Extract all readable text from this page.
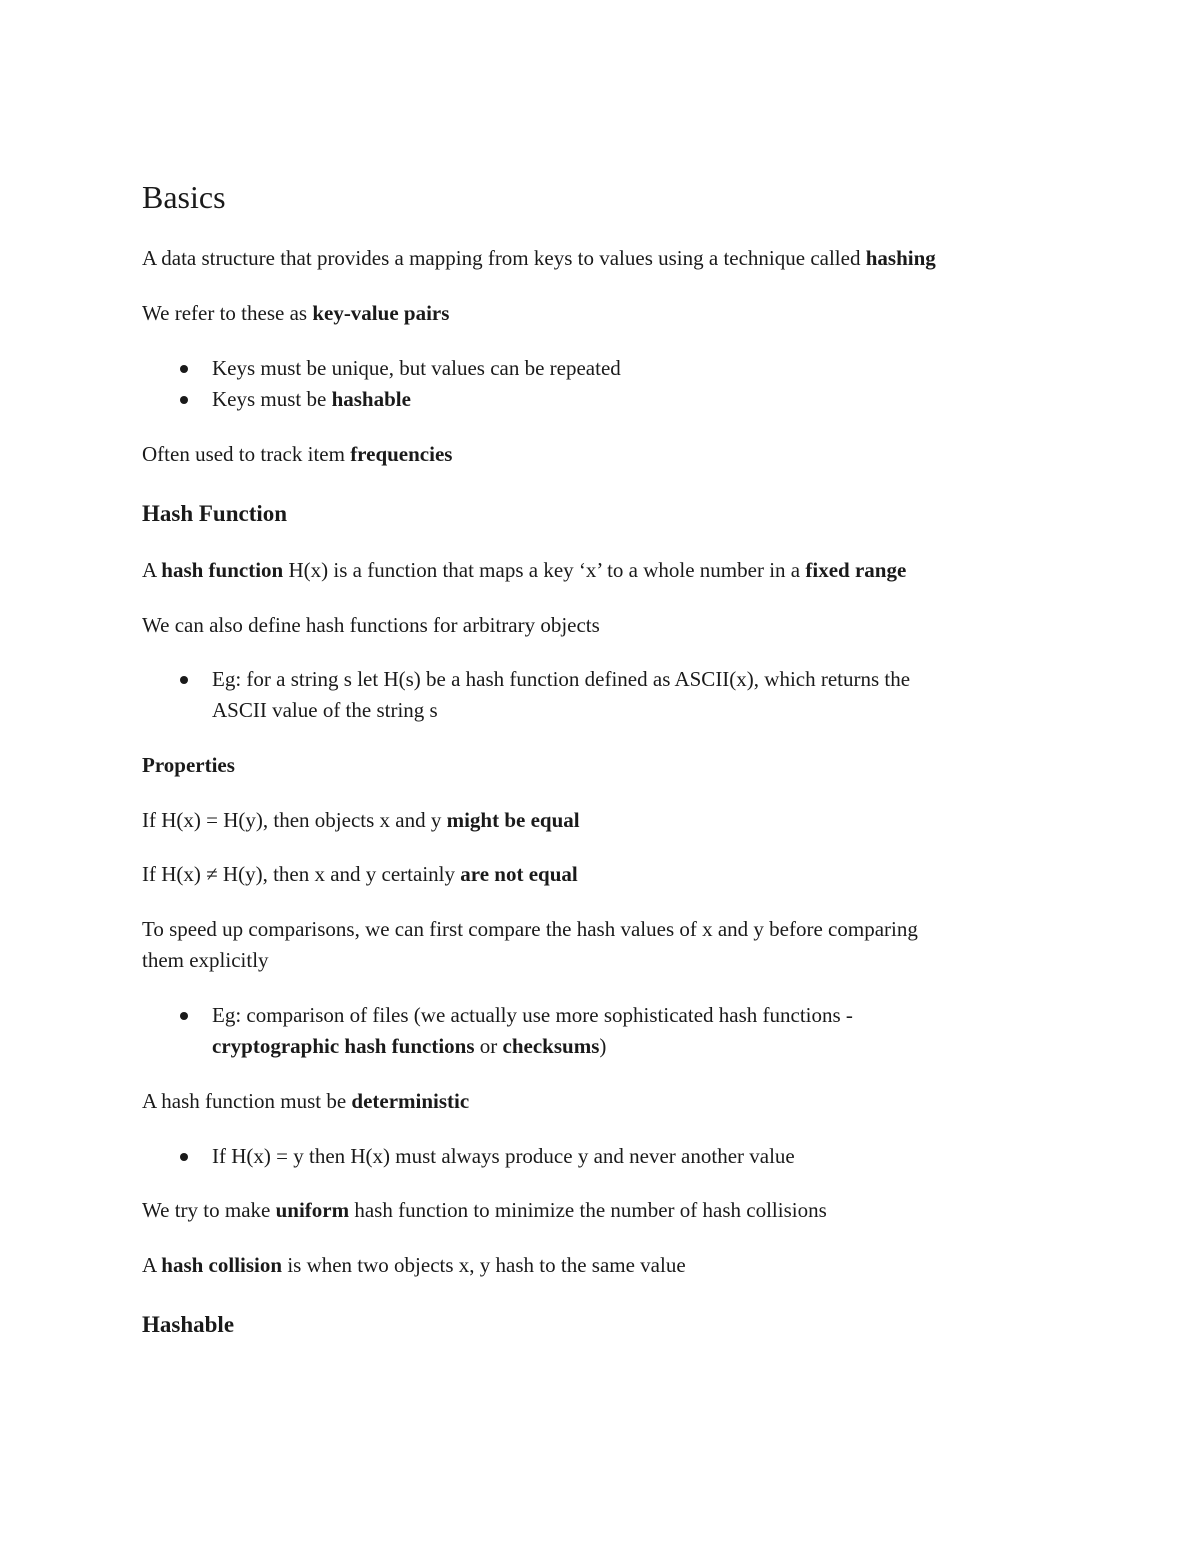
Basics

A data structure that provides a mapping from keys to values using a technique called hashing

We refer to these as key-value pairs

Keys must be unique, but values can be repeated
Keys must be hashable

Often used to track item frequencies

Hash Function

A hash function H(x) is a function that maps a key ‘x’ to a whole number in a fixed range

We can also define hash functions for arbitrary objects

Eg: for a string s let H(s) be a hash function defined as ASCII(x), which returns the
ASCII value of the string s
Properties

If H(x) = H(y), then objects x and y might be equal

If H(x) ≠ H(y), then x and y certainly are not equal

To speed up comparisons, we can first compare the hash values of x and y before comparing
them explicitly

Eg: comparison of files (we actually use more sophisticated hash functions -
cryptographic hash functions or checksums)

A hash function must be deterministic

If H(x) = y then H(x) must always produce y and never another value

We try to make uniform hash function to minimize the number of hash collisions

A hash collision is when two objects x, y hash to the same value

Hashable
